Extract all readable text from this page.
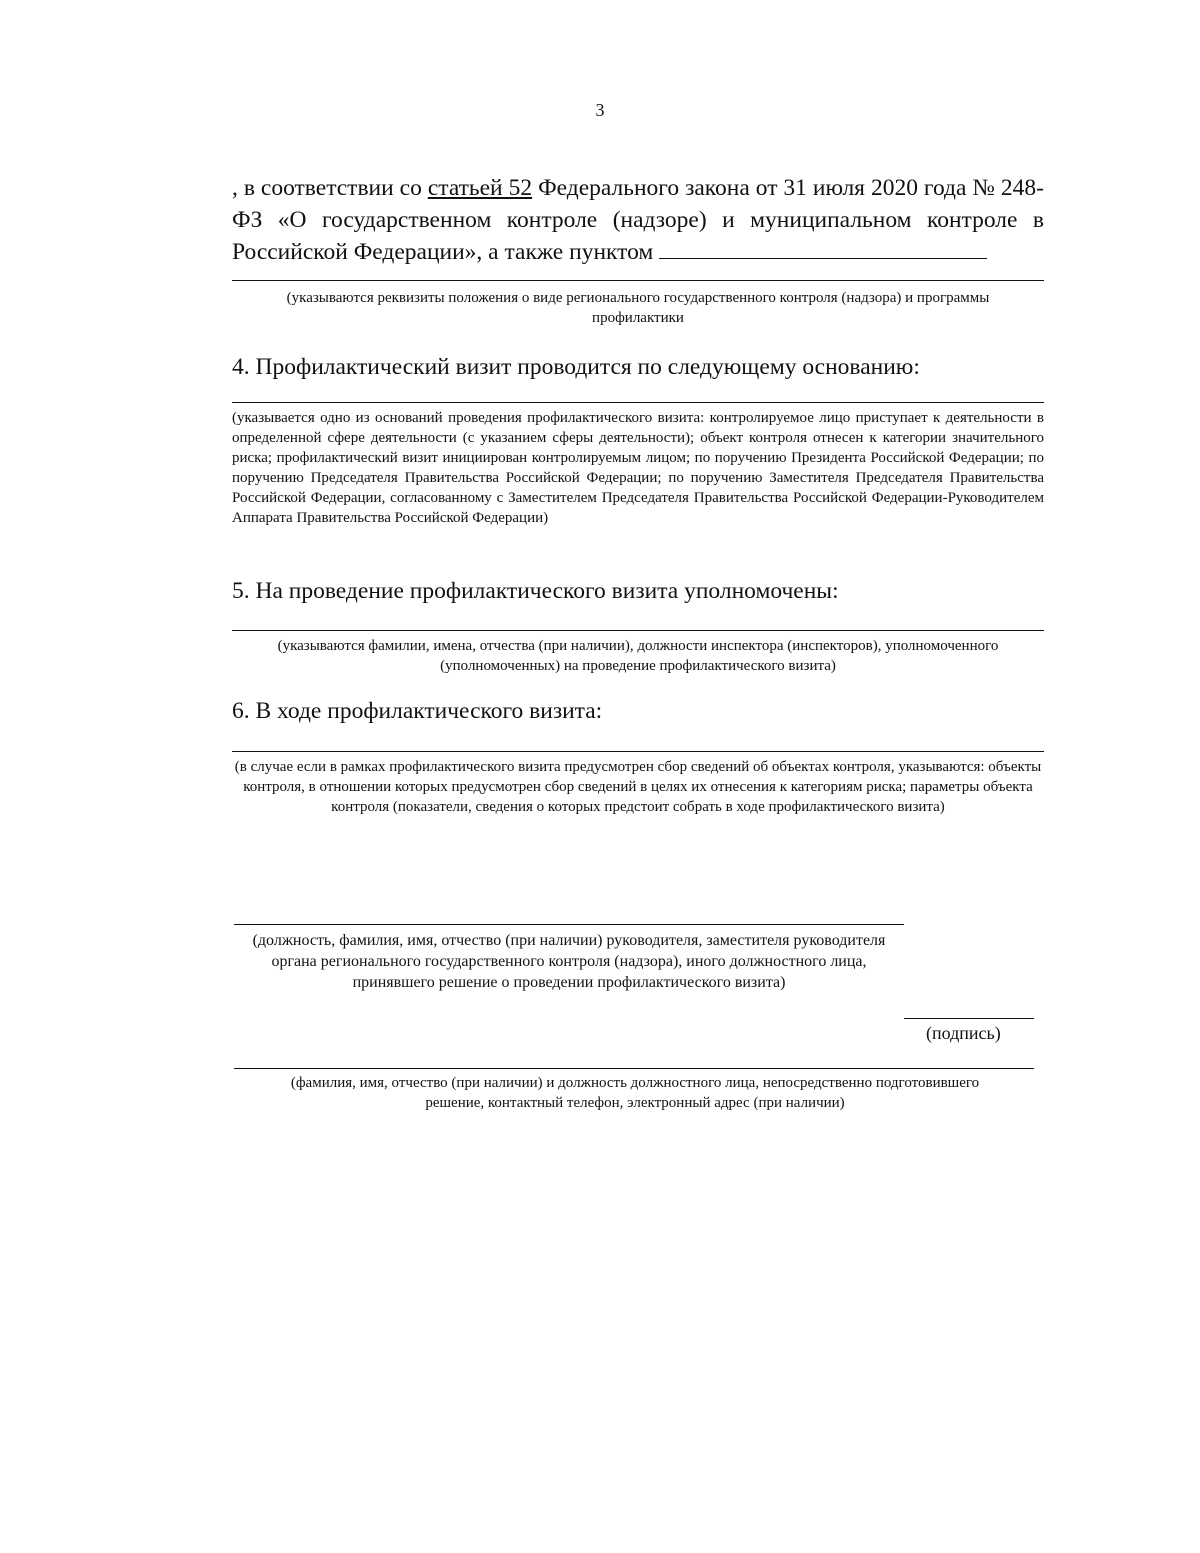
3
, в соответствии со статьей 52 Федерального закона от 31 июля 2020 года № 248-ФЗ «О государственном контроле (надзоре) и муниципальном контроле в Российской Федерации», а также пунктом
(указываются реквизиты положения о виде регионального государственного контроля (надзора) и программы профилактики
4. Профилактический визит проводится по следующему основанию:
(указывается одно из оснований проведения профилактического визита: контролируемое лицо приступает к деятельности в определенной сфере деятельности (с указанием сферы деятельности); объект контроля отнесен к категории значительного риска; профилактический визит инициирован контролируемым лицом; по поручению Президента Российской Федерации; по поручению Председателя Правительства Российской Федерации; по поручению Заместителя Председателя Правительства Российской Федерации, согласованному с Заместителем Председателя Правительства Российской Федерации-Руководителем Аппарата Правительства Российской Федерации)
5. На проведение профилактического визита уполномочены:
(указываются фамилии, имена, отчества (при наличии), должности инспектора (инспекторов), уполномоченного (уполномоченных) на проведение профилактического визита)
6. В ходе профилактического визита:
(в случае если в рамках профилактического визита предусмотрен сбор сведений об объектах контроля, указываются: объекты контроля, в отношении которых предусмотрен сбор сведений в целях их отнесения к категориям риска; параметры объекта контроля (показатели, сведения о которых предстоит собрать в ходе профилактического визита)
(должность, фамилия, имя, отчество (при наличии) руководителя, заместителя руководителя органа регионального государственного контроля (надзора), иного должностного лица, принявшего решение о проведении профилактического визита)
(подпись)
(фамилия, имя, отчество (при наличии) и должность должностного лица, непосредственно подготовившего решение, контактный телефон, электронный адрес (при наличии)
